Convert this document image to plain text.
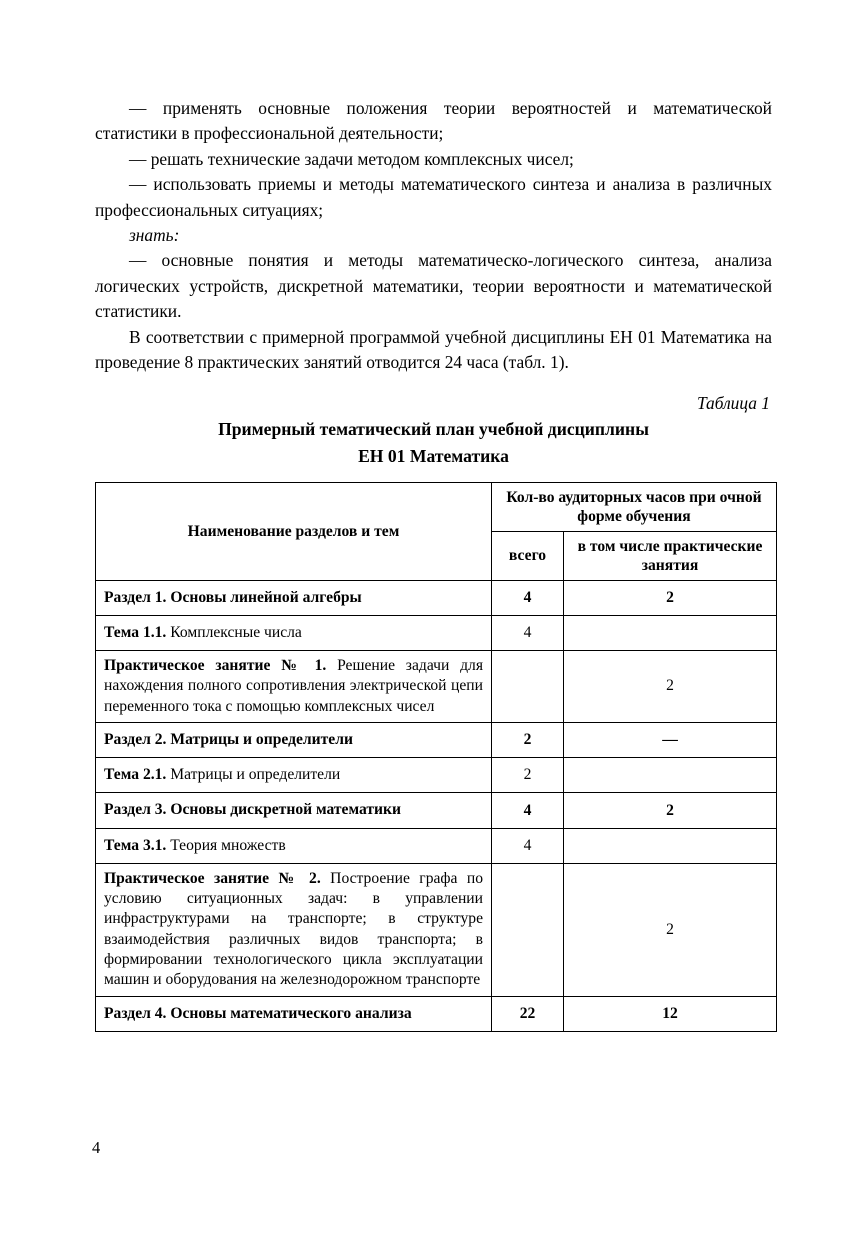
— применять основные положения теории вероятностей и математической статистики в профессиональной деятельности;

— решать технические задачи методом комплексных чисел;

— использовать приемы и методы математического синтеза и анализа в различных профессиональных ситуациях;

знать:

— основные понятия и методы математическо-логического синтеза, анализа логических устройств, дискретной математики, теории вероятности и математической статистики.

В соответствии с примерной программой учебной дисциплины ЕН 01 Математика на проведение 8 практических занятий отводится 24 часа (табл. 1).

Таблица 1
Примерный тематический план учебной дисциплины
ЕН 01 Математика
Наименование разделов и тем	Кол-во аудиторных часов при очной форме обучения	
	всего	в том числе практические занятия
Раздел 1. Основы линейной алгебры	4	2
Тема 1.1. Комплексные числа	4	
Практическое занятие № 1. Решение задачи для нахождения полного сопротивления электрической цепи переменного тока с помощью комплексных чисел		2
Раздел 2. Матрицы и определители	2	—
Тема 2.1. Матрицы и определители	2	
Раздел 3. Основы дискретной математики	4	2
Тема 3.1. Теория множеств	4	
Практическое занятие № 2. Построение графа по условию ситуационных задач: в управлении инфраструктурами на транспорте; в структуре взаимодействия различных видов транспорта; в формировании технологического цикла эксплуатации машин и оборудования на железнодорожном транспорте		2
Раздел 4. Основы математического анализа	22	12
4
